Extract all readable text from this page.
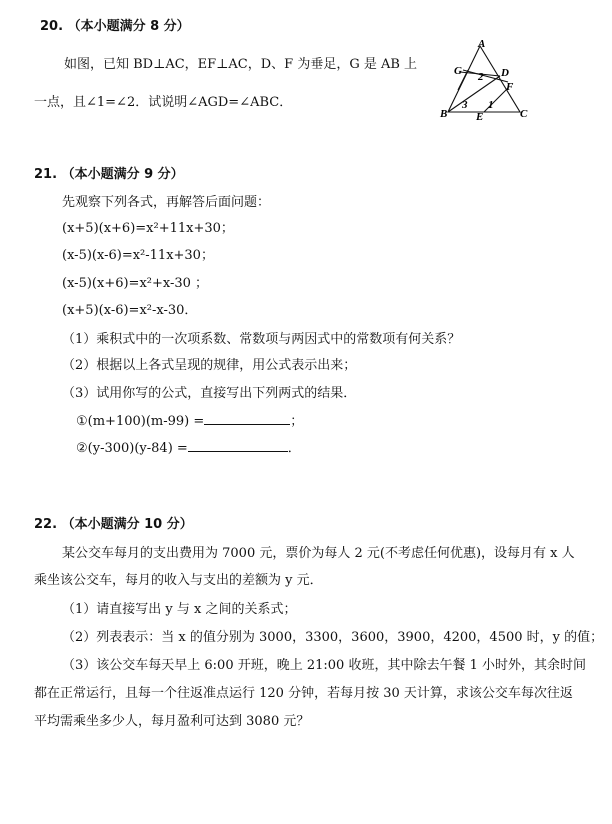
20. （本小题满分 8 分）
如图，已知 BD⊥AC，EF⊥AC，D、F 为垂足，G 是 AB 上
一点，且∠1=∠2．试说明∠AGD=∠ABC．
A
G	D
F
B	E	C
1
2
3
21. （本小题满分 9 分）
先观察下列各式，再解答后面问题：
(x+5)(x+6)=x²+11x+30；
(x-5)(x-6)=x²-11x+30；
(x-5)(x+6)=x²+x-30 ；
(x+5)(x-6)=x²-x-30．
（1）乘积式中的一次项系数、常数项与两因式中的常数项有何关系？
（2）根据以上各式呈现的规律，用公式表示出来；
（3）试用你写的公式，直接写出下列两式的结果．
①(m+100)(m-99) =	；
②(y-300)(y-84) =	．
22. （本小题满分 10 分）
某公交车每月的支出费用为 7000 元，票价为每人 2 元(不考虑任何优惠)，设每月有 x 人
乘坐该公交车，每月的收入与支出的差额为 y 元．
（1）请直接写出 y 与 x 之间的关系式；
（2）列表表示：当 x 的值分别为 3000，3300，3600，3900，4200，4500 时，y 的值；
（3）该公交车每天早上 6:00 开班，晚上 21:00 收班，其中除去午餐 1 小时外，其余时间
都在正常运行，且每一个往返准点运行 120 分钟，若每月按 30 天计算，求该公交车每次往返
平均需乘坐多少人，每月盈利可达到 3080 元？
